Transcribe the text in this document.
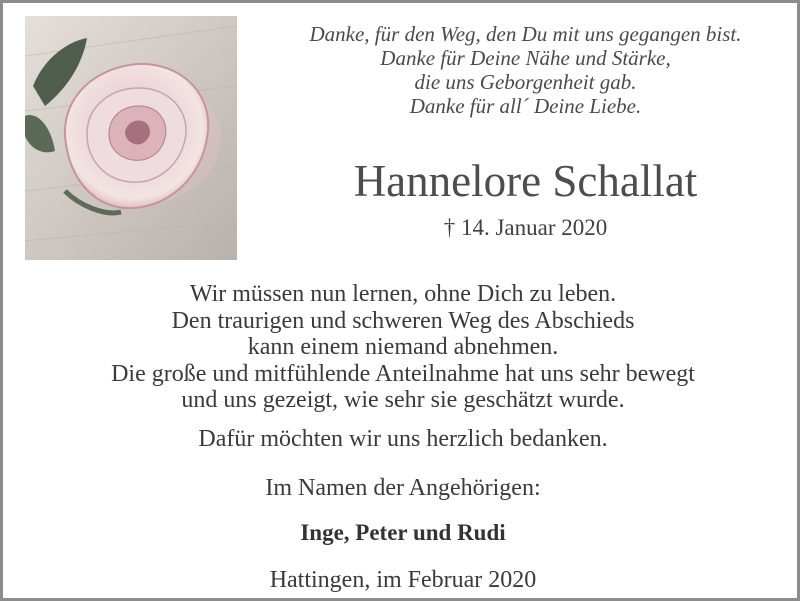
Danke, für den Weg, den Du mit uns gegangen bist.
Danke für Deine Nähe und Stärke,
die uns Geborgenheit gab.
Danke für all´ Deine Liebe.
Hannelore Schallat
† 14. Januar 2020
Wir müssen nun lernen, ohne Dich zu leben.
Den traurigen und schweren Weg des Abschieds
kann einem niemand abnehmen.
Die große und mitfühlende Anteilnahme hat uns sehr bewegt
und uns gezeigt, wie sehr sie geschätzt wurde.
Dafür möchten wir uns herzlich bedanken.
Im Namen der Angehörigen:
Inge, Peter und Rudi
Hattingen, im Februar 2020
